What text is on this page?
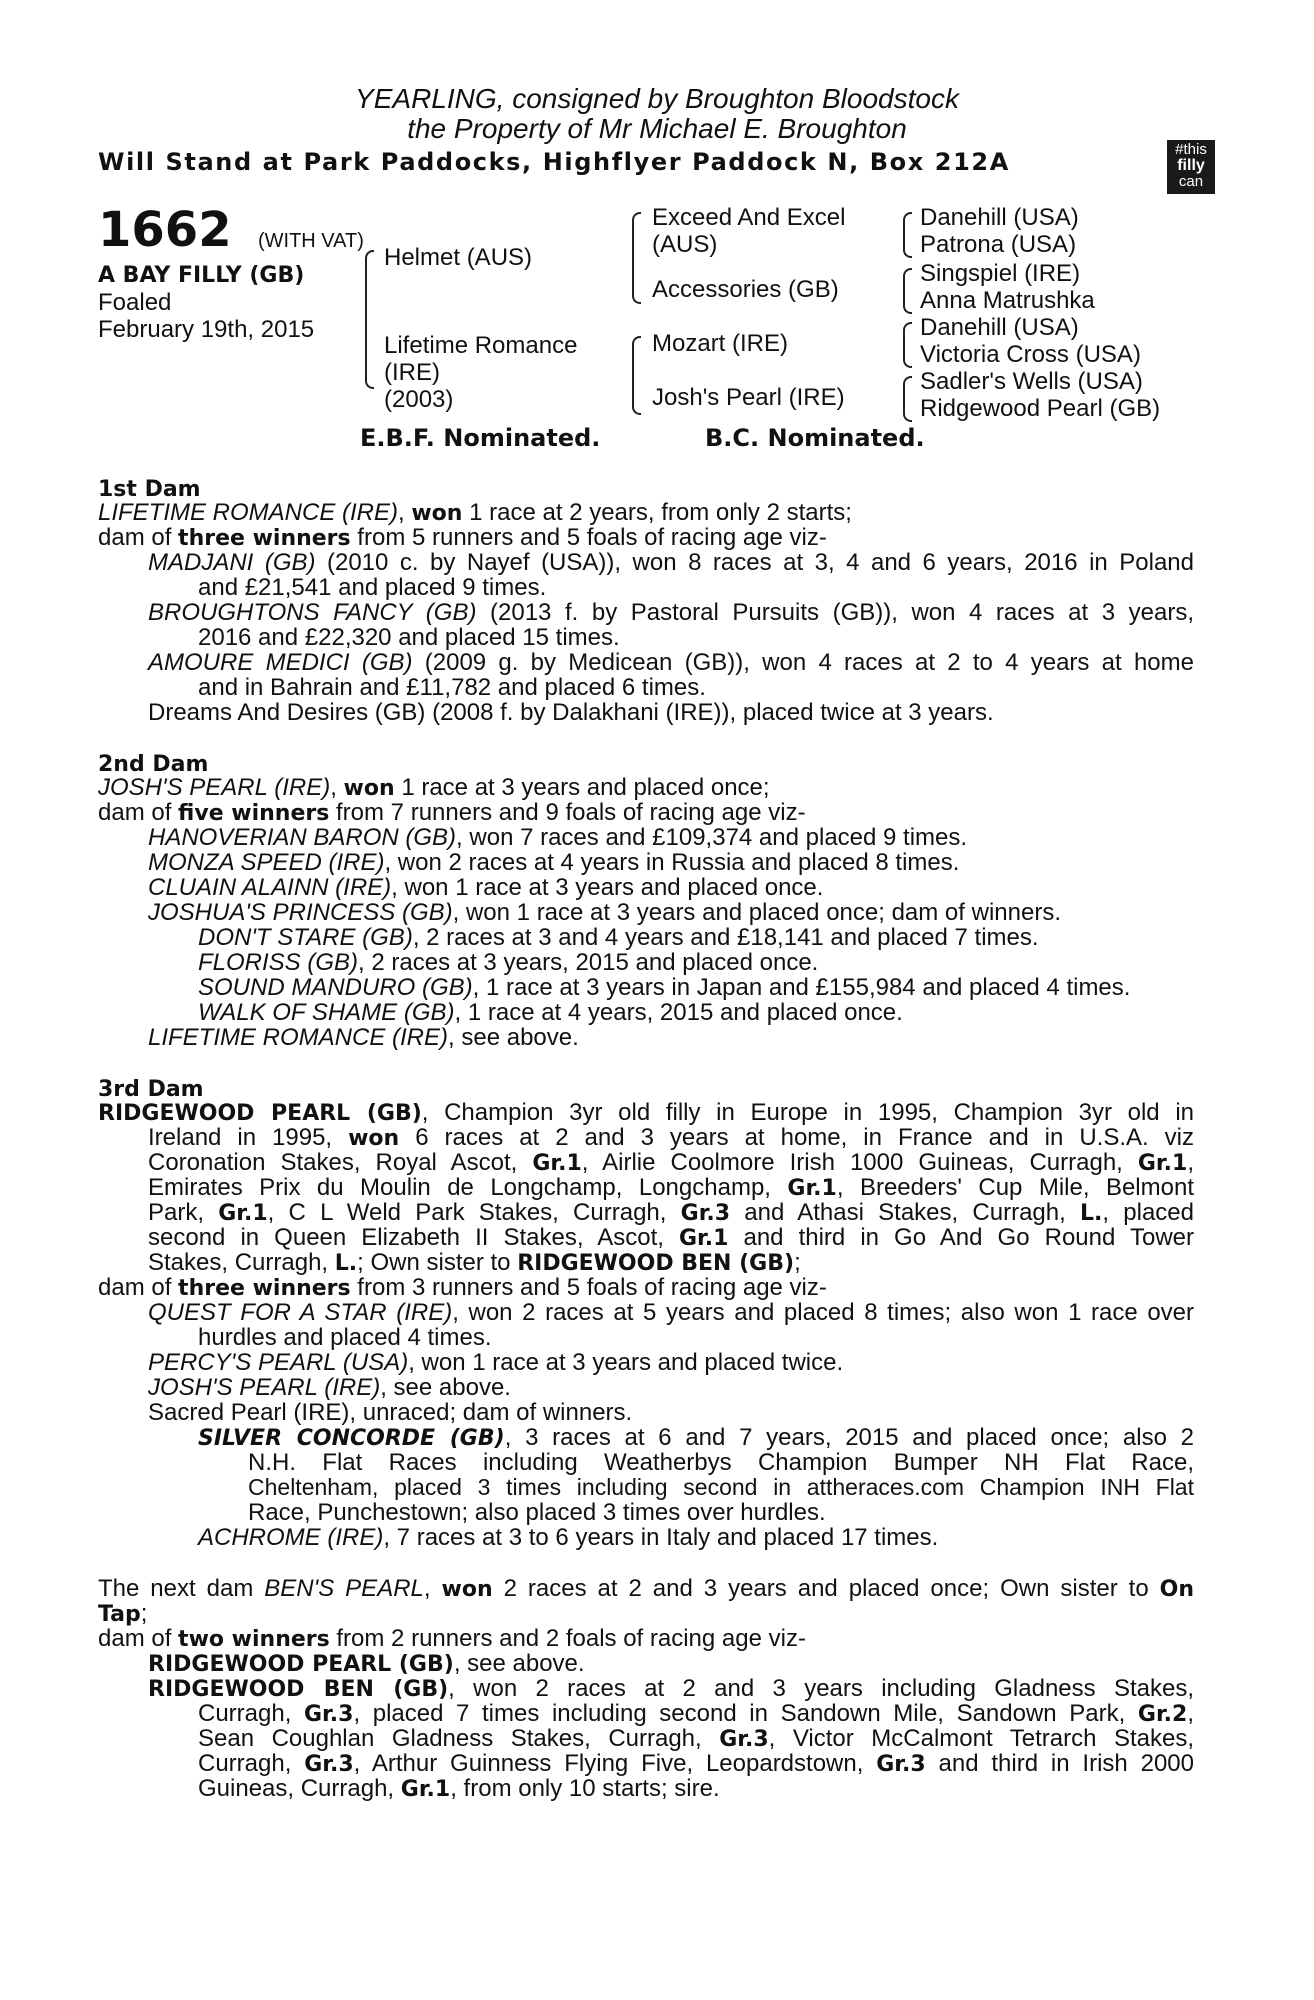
YEARLING, consigned by Broughton Bloodstock
the Property of Mr Michael E. Broughton
Will Stand at Park Paddocks, Highflyer Paddock N, Box 212A	#this
filly
can
1662 (WITH VAT)
A BAY FILLY (GB)
Foaled
February 19th, 2015
Helmet (AUS)
Lifetime Romance
(IRE)
(2003)
Exceed And Excel
(AUS)
Accessories (GB)
Mozart (IRE)
Josh's Pearl (IRE)
Danehill (USA)
Patrona (USA)
Singspiel (IRE)
Anna Matrushka
Danehill (USA)
Victoria Cross (USA)
Sadler's Wells (USA)
Ridgewood Pearl (GB)
E.B.F. Nominated.	B.C. Nominated.
1st Dam
LIFETIME ROMANCE (IRE), won 1 race at 2 years, from only 2 starts;
dam of three winners from 5 runners and 5 foals of racing age viz-
MADJANI (GB) (2010 c. by Nayef (USA)), won 8 races at 3, 4 and 6 years, 2016 in Poland
and £21,541 and placed 9 times.
BROUGHTONS FANCY (GB) (2013 f. by Pastoral Pursuits (GB)), won 4 races at 3 years,
2016 and £22,320 and placed 15 times.
AMOURE MEDICI (GB) (2009 g. by Medicean (GB)), won 4 races at 2 to 4 years at home
and in Bahrain and £11,782 and placed 6 times.
Dreams And Desires (GB) (2008 f. by Dalakhani (IRE)), placed twice at 3 years.
2nd Dam
JOSH'S PEARL (IRE), won 1 race at 3 years and placed once;
dam of five winners from 7 runners and 9 foals of racing age viz-
HANOVERIAN BARON (GB), won 7 races and £109,374 and placed 9 times.
MONZA SPEED (IRE), won 2 races at 4 years in Russia and placed 8 times.
CLUAIN ALAINN (IRE), won 1 race at 3 years and placed once.
JOSHUA'S PRINCESS (GB), won 1 race at 3 years and placed once; dam of winners.
DON'T STARE (GB), 2 races at 3 and 4 years and £18,141 and placed 7 times.
FLORISS (GB), 2 races at 3 years, 2015 and placed once.
SOUND MANDURO (GB), 1 race at 3 years in Japan and £155,984 and placed 4 times.
WALK OF SHAME (GB), 1 race at 4 years, 2015 and placed once.
LIFETIME ROMANCE (IRE), see above.
3rd Dam
RIDGEWOOD PEARL (GB), Champion 3yr old filly in Europe in 1995, Champion 3yr old in
Ireland in 1995, won 6 races at 2 and 3 years at home, in France and in U.S.A. viz
Coronation Stakes, Royal Ascot, Gr.1, Airlie Coolmore Irish 1000 Guineas, Curragh, Gr.1,
Emirates Prix du Moulin de Longchamp, Longchamp, Gr.1, Breeders' Cup Mile, Belmont
Park, Gr.1, C L Weld Park Stakes, Curragh, Gr.3 and Athasi Stakes, Curragh, L., placed
second in Queen Elizabeth II Stakes, Ascot, Gr.1 and third in Go And Go Round Tower
Stakes, Curragh, L.; Own sister to RIDGEWOOD BEN (GB);
dam of three winners from 3 runners and 5 foals of racing age viz-
QUEST FOR A STAR (IRE), won 2 races at 5 years and placed 8 times; also won 1 race over
hurdles and placed 4 times.
PERCY'S PEARL (USA), won 1 race at 3 years and placed twice.
JOSH'S PEARL (IRE), see above.
Sacred Pearl (IRE), unraced; dam of winners.
SILVER CONCORDE (GB), 3 races at 6 and 7 years, 2015 and placed once; also 2
N.H. Flat Races including Weatherbys Champion Bumper NH Flat Race,
Cheltenham, placed 3 times including second in attheraces.com Champion INH Flat
Race, Punchestown; also placed 3 times over hurdles.
ACHROME (IRE), 7 races at 3 to 6 years in Italy and placed 17 times.
The next dam BEN'S PEARL, won 2 races at 2 and 3 years and placed once; Own sister to On
Tap;
dam of two winners from 2 runners and 2 foals of racing age viz-
RIDGEWOOD PEARL (GB), see above.
RIDGEWOOD BEN (GB), won 2 races at 2 and 3 years including Gladness Stakes,
Curragh, Gr.3, placed 7 times including second in Sandown Mile, Sandown Park, Gr.2,
Sean Coughlan Gladness Stakes, Curragh, Gr.3, Victor McCalmont Tetrarch Stakes,
Curragh, Gr.3, Arthur Guinness Flying Five, Leopardstown, Gr.3 and third in Irish 2000
Guineas, Curragh, Gr.1, from only 10 starts; sire.
